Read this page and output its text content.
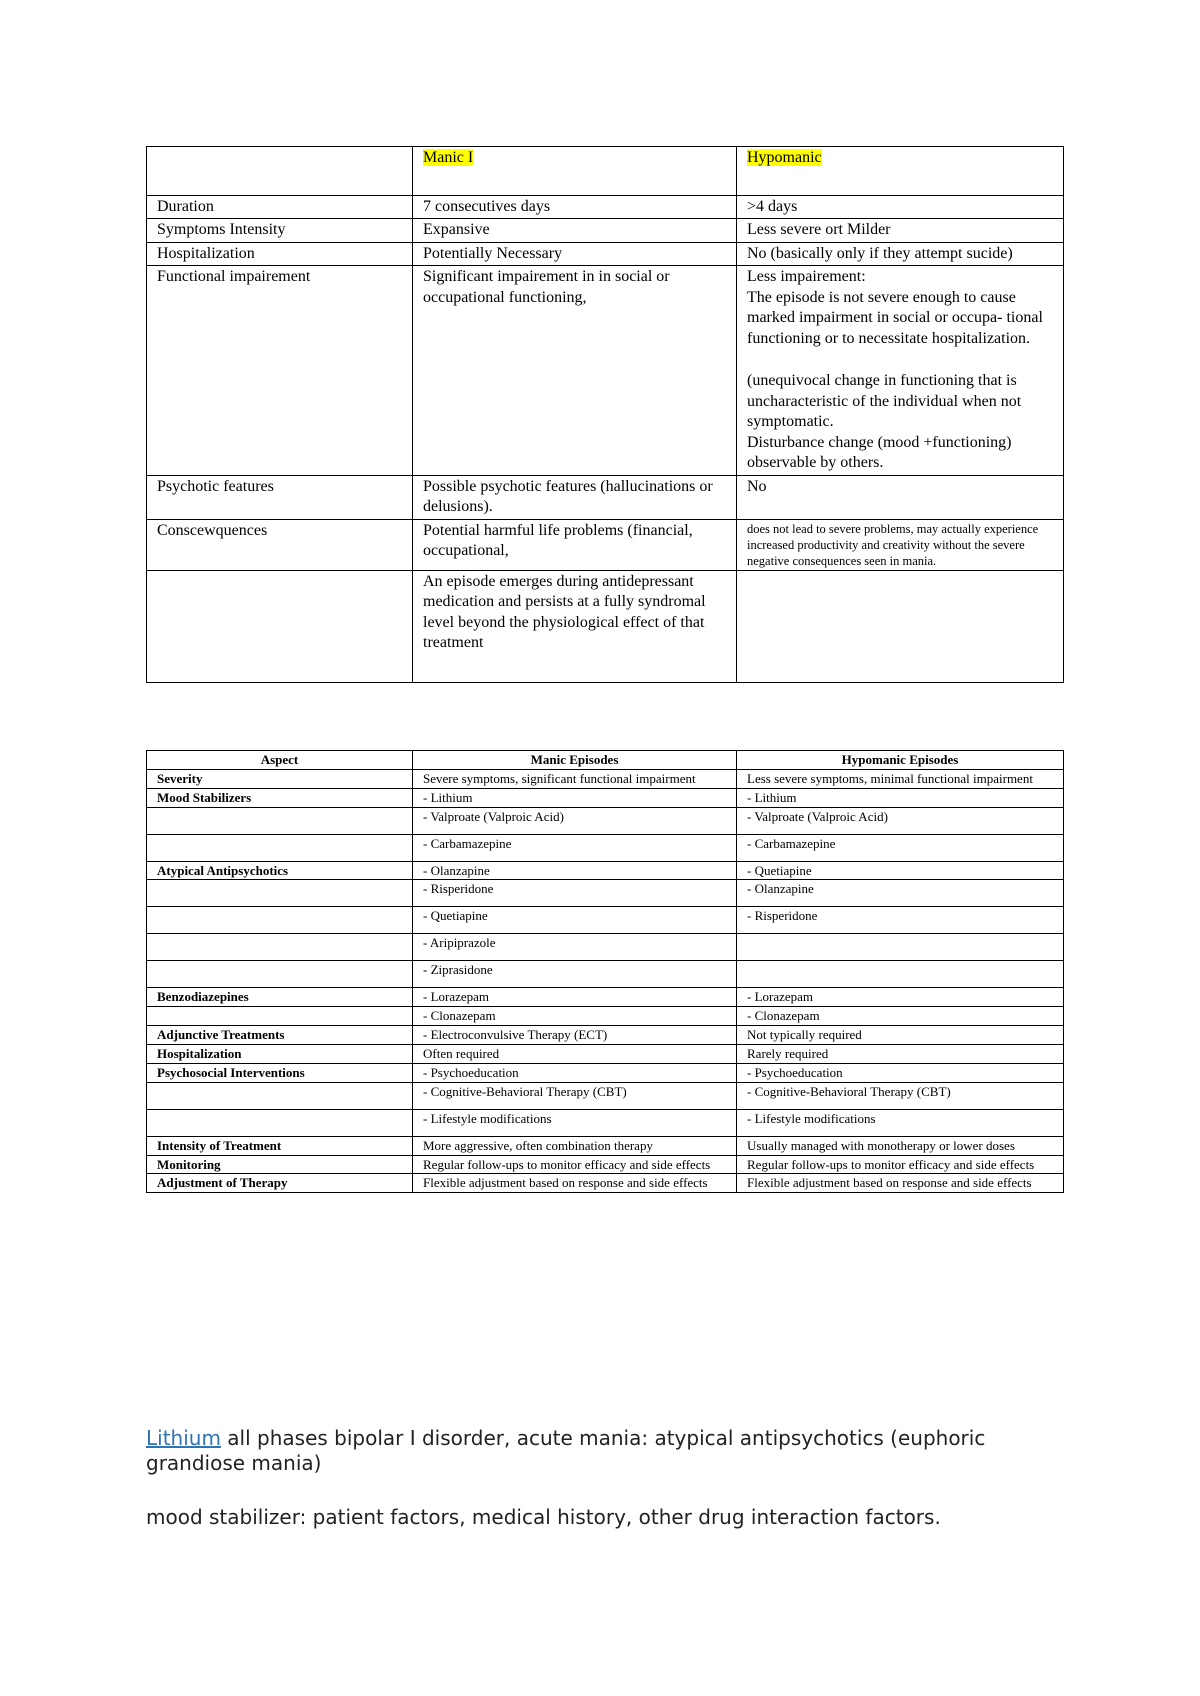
	Manic I	Hypomanic
Duration	7 consecutives days	>4 days
Symptoms Intensity	Expansive	Less severe ort Milder
Hospitalization	Potentially Necessary	No (basically only if they attempt sucide)
Functional impairement	Significant impairement in in social or occupational functioning,	Less impairement:
The episode is not severe enough to cause marked impairment in social or occupa- tional functioning or to necessitate hospitalization.
(unequivocal change in functioning that is uncharacteristic of the individual when not symptomatic.
Disturbance change (mood +functioning) observable by others.

Psychotic features	Possible psychotic features (hallucinations or delusions).	No
Conscewquences	Potential harmful life problems (financial, occupational,	does not lead to severe problems, may actually experience increased productivity and creativity without the severe negative consequences seen in mania.
	An episode emerges during antidepressant medication and persists at a fully syndromal level beyond the physiological effect of that treatment	
Aspect	Manic Episodes	Hypomanic Episodes
Severity	Severe symptoms, significant functional impairment	Less severe symptoms, minimal functional impairment
Mood Stabilizers	- Lithium	- Lithium
	- Valproate (Valproic Acid)	- Valproate (Valproic Acid)
	- Carbamazepine	- Carbamazepine
Atypical Antipsychotics	- Olanzapine	- Quetiapine
	- Risperidone	- Olanzapine
	- Quetiapine	- Risperidone
	- Aripiprazole	
	- Ziprasidone	
Benzodiazepines	- Lorazepam	- Lorazepam
	- Clonazepam	- Clonazepam
Adjunctive Treatments	- Electroconvulsive Therapy (ECT)	Not typically required
Hospitalization	Often required	Rarely required
Psychosocial Interventions	- Psychoeducation	- Psychoeducation
	- Cognitive-Behavioral Therapy (CBT)	- Cognitive-Behavioral Therapy (CBT)
	- Lifestyle modifications	- Lifestyle modifications
Intensity of Treatment	More aggressive, often combination therapy	Usually managed with monotherapy or lower doses
Monitoring	Regular follow-ups to monitor efficacy and side effects	Regular follow-ups to monitor efficacy and side effects
Adjustment of Therapy	Flexible adjustment based on response and side effects	Flexible adjustment based on response and side effects

Lithium all phases bipolar I disorder, acute mania: atypical antipsychotics (euphoric grandiose mania)

mood stabilizer: patient factors, medical history, other drug interaction factors.
